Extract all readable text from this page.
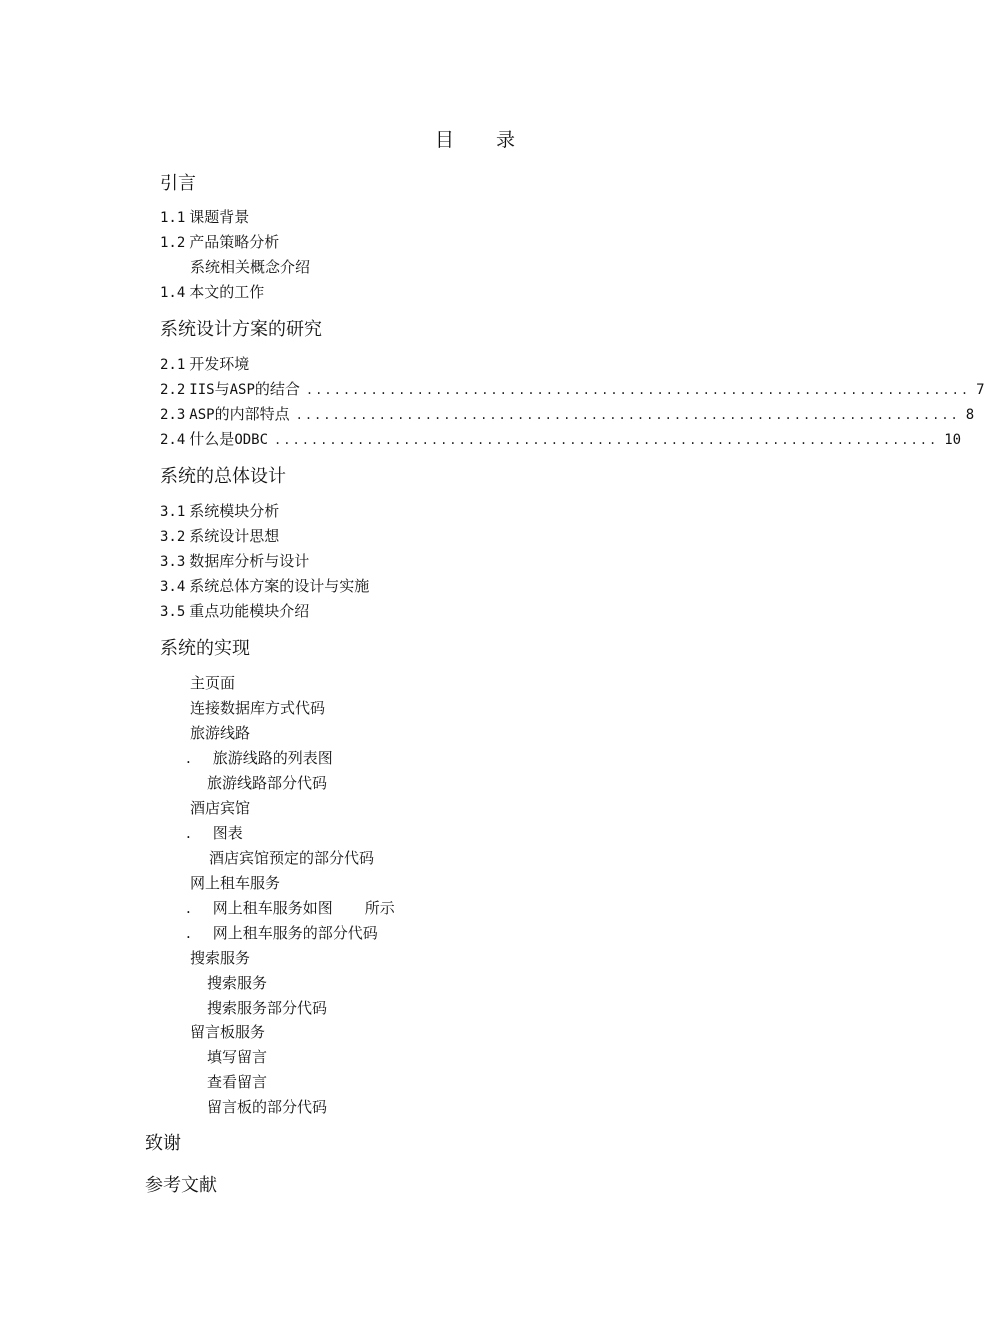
目 录
引言
1.1 课题背景
1.2 产品策略分析
系统相关概念介绍
1.4 本文的工作
系统设计方案的研究
2.1 开发环境
2.2 IIS 与 ASP 的结合 ........................................................................ 7
2.3 ASP 的内部特点 ........................................................................ 8
2.4 什么是 ODBC ........................................................................ 10
系统的总体设计
3.1 系统模块分析
3.2 系统设计思想
3.3 数据库分析与设计
3.4 系统总体方案的设计与实施
3.5 重点功能模块介绍
系统的实现
主页面
连接数据库方式代码
旅游线路
. 旅游线路的列表图
旅游线路部分代码
酒店宾馆
. 图表
酒店宾馆预定的部分代码
网上租车服务
. 网上租车服务如图 所示
. 网上租车服务的部分代码
搜索服务
搜索服务
搜索服务部分代码
留言板服务
填写留言
查看留言
留言板的部分代码
致谢
参考文献
